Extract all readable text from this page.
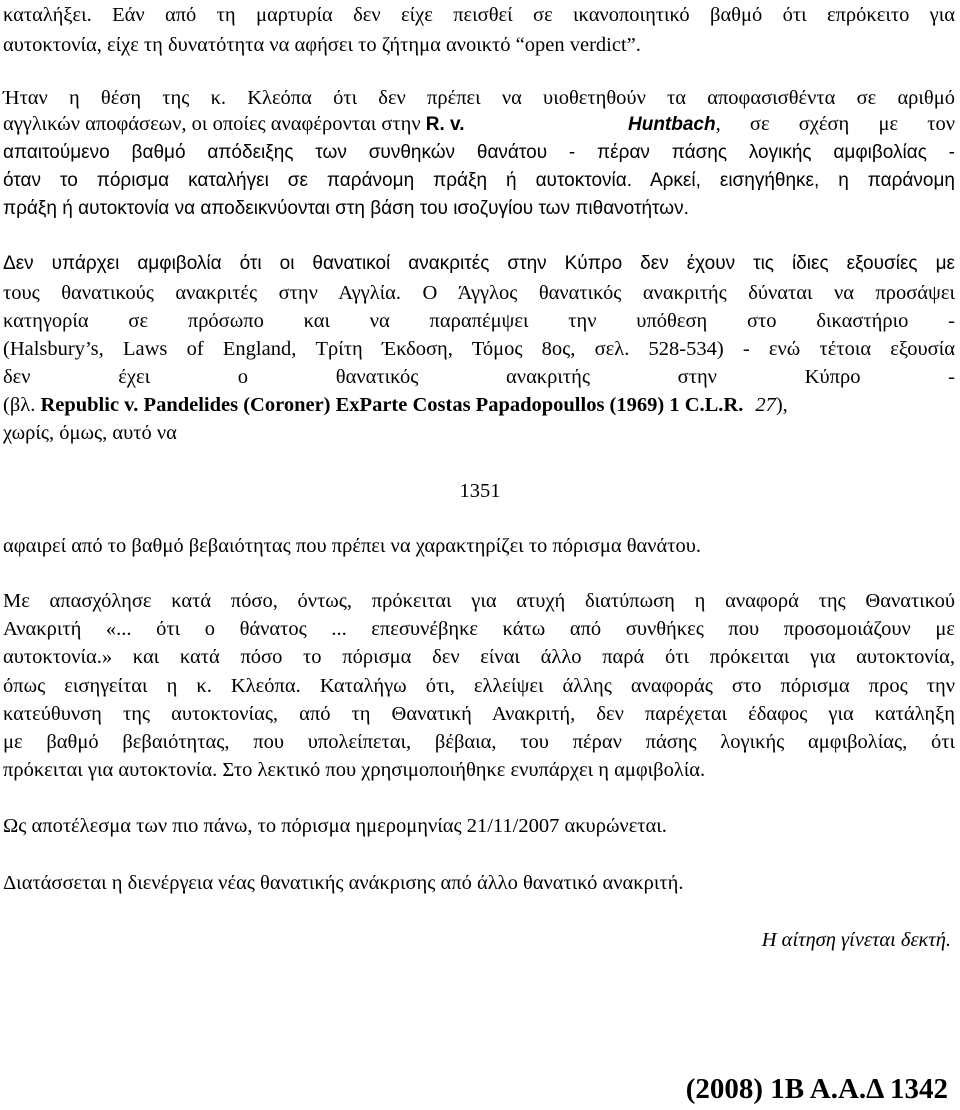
καταλήξει. Εάν από τη μαρτυρία δεν είχε πεισθεί σε ικανοποιητικό βαθμό ότι επρόκειτο για
αυτοκτονία, είχε τη δυνατότητα να αφήσει το ζήτημα ανοικτό “open verdict”.
Ήταν η θέση της κ. Κλεόπα ότι δεν πρέπει να υιοθετηθούν τα αποφασισθέντα σε αριθμό
αγγλικών αποφάσεων, οι οποίες αναφέρονται στην R. v.	Huntbach, σε σχέση με τον
απαιτούμενο βαθμό απόδειξης των συνθηκών θανάτου - πέραν πάσης λογικής αμφιβολίας -
όταν το πόρισμα καταλήγει σε παράνομη πράξη ή αυτοκτονία. Αρκεί, εισηγήθηκε, η παράνομη
πράξη ή αυτοκτονία να αποδεικνύονται στη βάση του ισοζυγίου των πιθανοτήτων.
Δεν υπάρχει αμφιβολία ότι οι θανατικοί ανακριτές στην Κύπρο δεν έχουν τις ίδιες εξουσίες με
τους θανατικούς ανακριτές στην Αγγλία. Ο Άγγλος θανατικός ανακριτής δύναται να προσάψει
κατηγορία σε πρόσωπο και να παραπέμψει την υπόθεση στο δικαστήριο -
(Halsbury’s, Laws of England, Τρίτη Έκδοση, Τόμος 8ος, σελ. 528-534) - ενώ τέτοια εξουσία
δεν έχει ο θανατικός ανακριτής στην Κύπρο -
(βλ. Republic v. Pandelides (Coroner) ExParte Costas Papadopoullos (1969) 1 C.L.R. 27),
χωρίς, όμως, αυτό να
1351
αφαιρεί από το βαθμό βεβαιότητας που πρέπει να χαρακτηρίζει το πόρισμα θανάτου.
Με απασχόλησε κατά πόσο, όντως, πρόκειται για ατυχή διατύπωση η αναφορά της Θανατικού
Ανακριτή «... ότι ο θάνατος ... επεσυνέβηκε κάτω από συνθήκες που προσομοιάζουν με
αυτοκτονία.» και κατά πόσο το πόρισμα δεν είναι άλλο παρά ότι πρόκειται για αυτοκτονία,
όπως εισηγείται η κ. Κλεόπα. Καταλήγω ότι, ελλείψει άλλης αναφοράς στο πόρισμα προς την
κατεύθυνση της αυτοκτονίας, από τη Θανατική Ανακριτή, δεν παρέχεται έδαφος για κατάληξη
με βαθμό βεβαιότητας, που υπολείπεται, βέβαια, του πέραν πάσης λογικής αμφιβολίας, ότι
πρόκειται για αυτοκτονία. Στο λεκτικό που χρησιμοποιήθηκε ενυπάρχει η αμφιβολία.
Ως αποτέλεσμα των πιο πάνω, το πόρισμα ημερομηνίας 21/11/2007 ακυρώνεται.
Διατάσσεται η διενέργεια νέας θανατικής ανάκρισης από άλλο θανατικό ανακριτή.
Η αίτηση γίνεται δεκτή.
(2008) 1B A.A.Δ 1342
